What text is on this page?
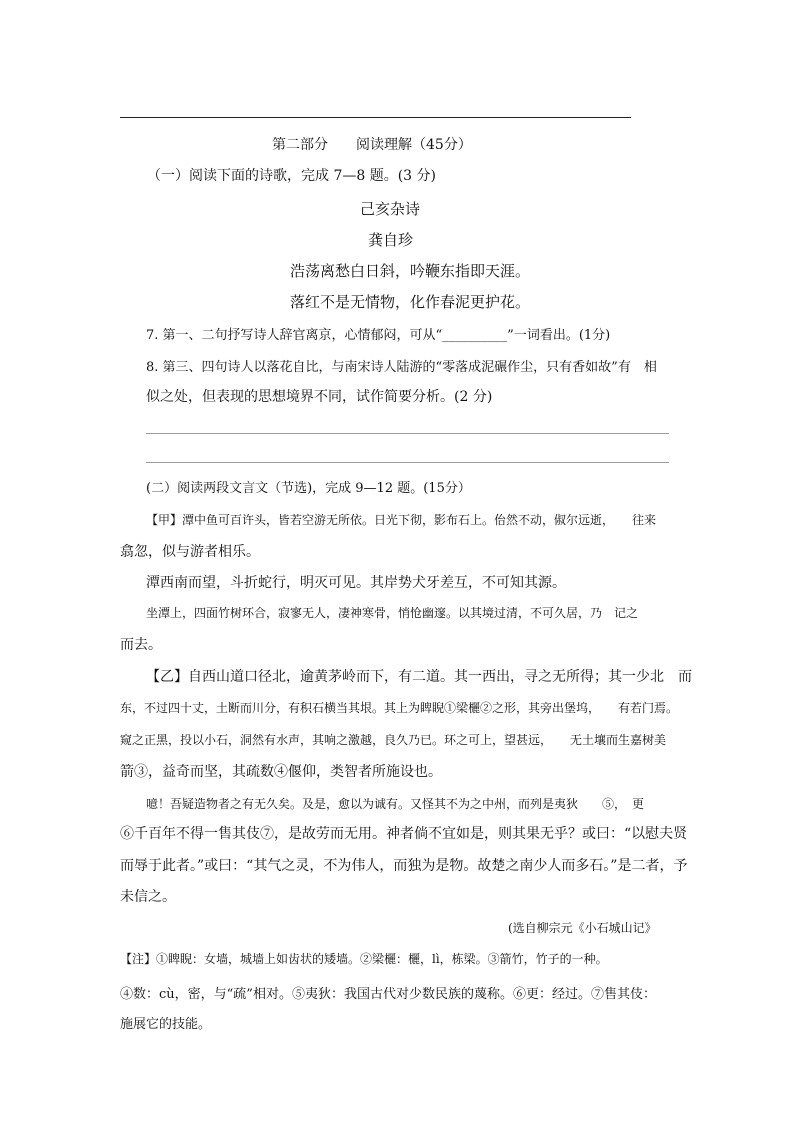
第二部分　　阅读理解（45分）
（一）阅读下面的诗歌，完成 7—8 题。(3 分)
己亥杂诗
龚自珍
浩荡离愁白日斜，吟鞭东指即天涯。
落红不是无情物，化作春泥更护花。
7. 第一、二句抒写诗人辞官离京，心情郁闷，可从“__________”一词看出。(1分)
8. 第三、四句诗人以落花自比，与南宋诗人陆游的“零落成泥碾作尘，只有香如故”有　相
似之处，但表现的思想境界不同，试作简要分析。(2 分)
(二）阅读两段文言文（节选)，完成 9—12 题。(15分）
【甲】潭中鱼可百许头，皆若空游无所依。日光下彻，影布石上。佁然不动，俶尔远逝，　　往来
翕忽，似与游者相乐。
潭西南而望，斗折蛇行，明灭可见。其岸势犬牙差互，不可知其源。
坐潭上，四面竹树环合，寂寥无人，凄神寒骨，悄怆幽邃。以其境过清，不可久居，乃　记之
而去。
【乙】自西山道口径北，逾黄茅岭而下，有二道。其一西出，寻之无所得；其一少北　而
东，不过四十丈，土断而川分，有积石横当其垠。其上为睥睨①梁欐②之形，其旁出堡坞，　　有若门焉。
窥之正黑，投以小石，洞然有水声，其响之激越，良久乃已。环之可上，望甚远，　　无土壤而生嘉树美
箭③，益奇而坚，其疏数④偃仰，类智者所施设也。
噫！吾疑造物者之有无久矣。及是，愈以为诚有。又怪其不为之中州，而列是夷狄　　⑤，　更
⑥千百年不得一售其伎⑦，是故劳而无用。神者倘不宜如是，则其果无乎？或曰：“以慰夫贤
而辱于此者。”或曰：“其气之灵，不为伟人，而独为是物。故楚之南少人而多石。”是二者，予
未信之。
(选自柳宗元《小石城山记》
【注】①睥睨：女墙，城墙上如齿状的矮墙。②梁欐：欐，lì，栋梁。③箭竹，竹子的一种。
④数：cù，密，与“疏”相对。⑤夷狄：我国古代对少数民族的蔑称。⑥更：经过。⑦售其伎：
施展它的技能。
